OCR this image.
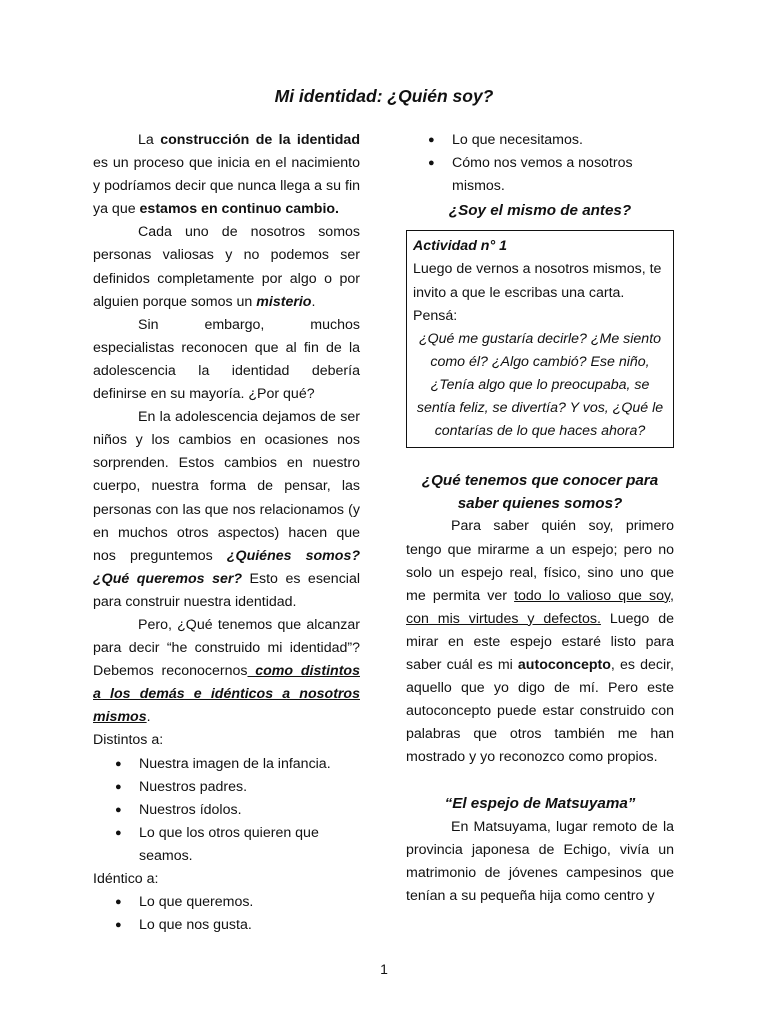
Mi identidad: ¿Quién soy?

La construcción de la identidad es un proceso que inicia en el nacimiento y podríamos decir que nunca llega a su fin ya que estamos en continuo cambio.

Cada uno de nosotros somos personas valiosas y no podemos ser definidos completamente por algo o por alguien porque somos un misterio.

Sin embargo, muchos especialistas reconocen que al fin de la adolescencia la identidad debería definirse en su mayoría. ¿Por qué?

En la adolescencia dejamos de ser niños y los cambios en ocasiones nos sorprenden. Estos cambios en nuestro cuerpo, nuestra forma de pensar, las personas con las que nos relacionamos (y en muchos otros aspectos) hacen que nos preguntemos ¿Quiénes somos? ¿Qué queremos ser? Esto es esencial para construir nuestra identidad.

Pero, ¿Qué tenemos que alcanzar para decir “he construido mi identidad”? Debemos reconocernos como distintos a los demás e idénticos a nosotros mismos.

Distintos a:

● Nuestra imagen de la infancia.
● Nuestros padres.
● Nuestros ídolos.
● Lo que los otros quieren que seamos.

Idéntico a:

● Lo que queremos.
● Lo que nos gusta.
● Lo que necesitamos.
● Cómo nos vemos a nosotros mismos.
¿Soy el mismo de antes?

Actividad n° 1

Luego de vernos a nosotros mismos, te invito a que le escribas una carta.

Pensá:

¿Qué me gustaría decirle? ¿Me siento como él? ¿Algo cambió? Ese niño, ¿Tenía algo que lo preocupaba, se sentía feliz, se divertía? Y vos, ¿Qué le contarías de lo que haces ahora?

¿Qué tenemos que conocer para saber quienes somos?

Para saber quién soy, primero tengo que mirarme a un espejo; pero no solo un espejo real, físico, sino uno que me permita ver todo lo valioso que soy, con mis virtudes y defectos. Luego de mirar en este espejo estaré listo para saber cuál es mi autoconcepto, es decir, aquello que yo digo de mí. Pero este autoconcepto puede estar construido con palabras que otros también me han mostrado y yo reconozco como propios.

“El espejo de Matsuyama”

En Matsuyama, lugar remoto de la provincia japonesa de Echigo, vivía un matrimonio de jóvenes campesinos que tenían a su pequeña hija como centro y

1
